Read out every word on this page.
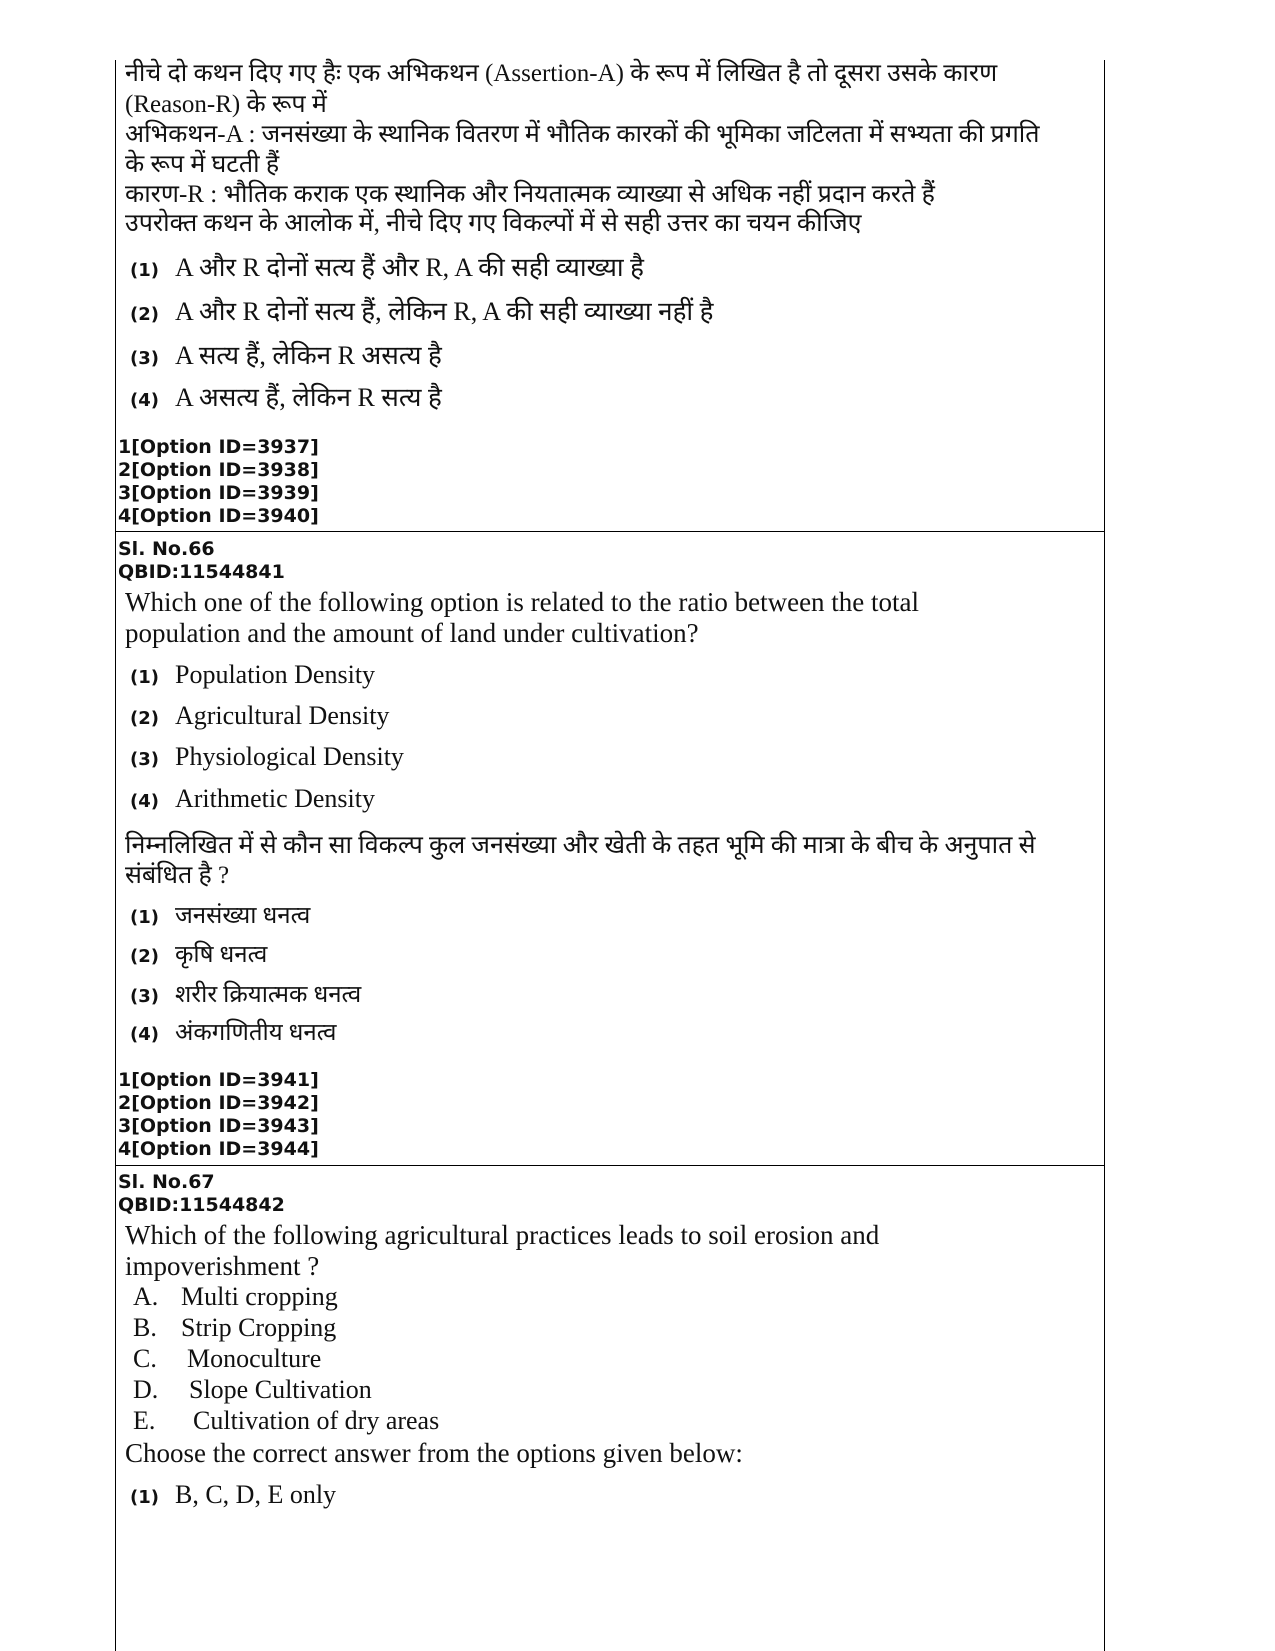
नीचे दो कथन दिए गए हैः एक अभिकथन (Assertion-A) के रूप में लिखित है तो दूसरा उसके कारण
(Reason-R) के रूप में
अभिकथन-A : जनसंख्या के स्थानिक वितरण में भौतिक कारकों की भूमिका जटिलता में सभ्यता की प्रगति
के रूप में घटती हैं
कारण-R : भौतिक कराक एक स्थानिक और नियतात्मक व्याख्या से अधिक नहीं प्रदान करते हैं
उपरोक्त कथन के आलोक में, नीचे दिए गए विकल्पों में से सही उत्तर का चयन कीजिए
(1) A और R दोनों सत्य हैं और R, A की सही व्याख्या है
(2) A और R दोनों सत्य हैं, लेकिन R, A की सही व्याख्या नहीं है
(3) A सत्य हैं, लेकिन R असत्य है
(4) A असत्य हैं, लेकिन R सत्य है
1[Option ID=3937]
2[Option ID=3938]
3[Option ID=3939]
4[Option ID=3940]
Sl. No.66
QBID:11544841
Which one of the following option is related to the ratio between the total
population and the amount of land under cultivation?
(1) Population Density
(2) Agricultural Density
(3) Physiological Density
(4) Arithmetic Density
निम्नलिखित में से कौन सा विकल्प कुल जनसंख्या और खेती के तहत भूमि की मात्रा के बीच के अनुपात से
संबंधित है ?
(1) जनसंख्या धनत्व
(2) कृषि धनत्व
(3) शरीर क्रियात्मक धनत्व
(4) अंकगणितीय धनत्व
1[Option ID=3941]
2[Option ID=3942]
3[Option ID=3943]
4[Option ID=3944]
Sl. No.67
QBID:11544842
Which of the following agricultural practices leads to soil erosion and
impoverishment ?
A. Multi cropping
B. Strip Cropping
C. Monoculture
D. Slope Cultivation
E. Cultivation of dry areas
Choose the correct answer from the options given below:
(1) B, C, D, E only
